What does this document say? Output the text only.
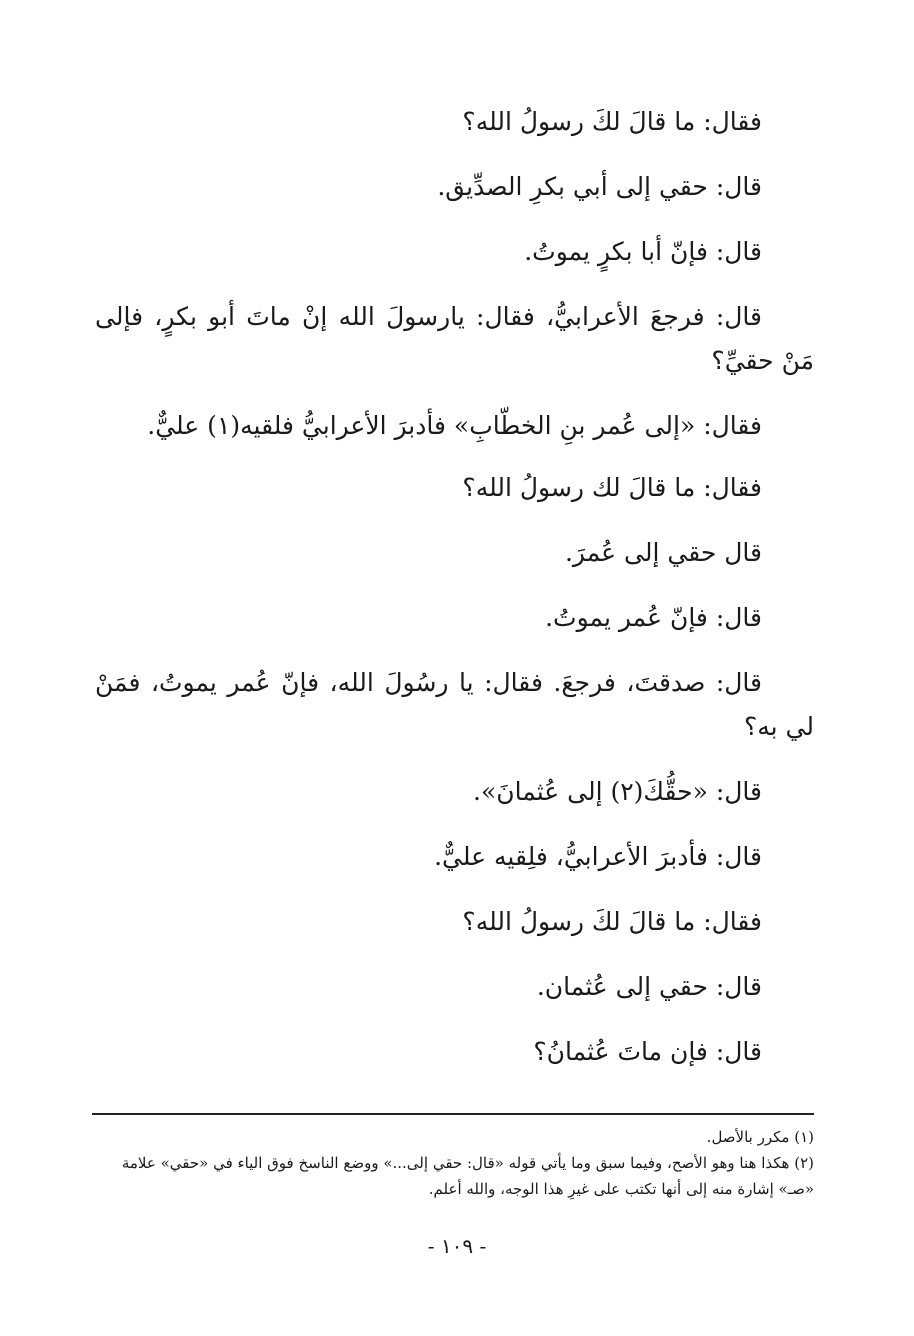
فقال: ما قالَ لكَ رسولُ الله؟

قال: حقي إلى أبي بكرِ الصدِّيق.

قال: فإنّ أبا بكرٍ يموتُ.

قال: فرجعَ الأعرابيُّ، فقال: يارسولَ الله إنْ ماتَ أبو بكرٍ، فإلى مَنْ حقيِّ؟

فقال: «إلى عُمر بنِ الخطّابِ» فأدبرَ الأعرابيُّ فلقيه(١) عليٌّ.

فقال: ما قالَ لك رسولُ الله؟

قال حقي إلى عُمرَ.

قال: فإنّ عُمر يموتُ.

قال: صدقتَ، فرجعَ. فقال: يا رسُولَ الله، فإنّ عُمر يموتُ، فمَنْ لي به؟

قال: «حقُّكَ(٢) إلى عُثمانَ».

قال: فأدبرَ الأعرابيُّ، فلِقيه عليٌّ.

فقال: ما قالَ لكَ رسولُ الله؟

قال: حقي إلى عُثمان.

قال: فإن ماتَ عُثمانُ؟

(١) مكرر بالأصل.

(٢) هكذا هنا وهو الأصح، وفيما سبق وما يأتي قوله «قال: حقي إلى...» ووضع الناسخ فوق الياء في «حقي» علامة «صـ» إشارة منه إلى أنها تكتب على غيرِ هذا الوجه، والله أعلم.

- ١٠٩ -
